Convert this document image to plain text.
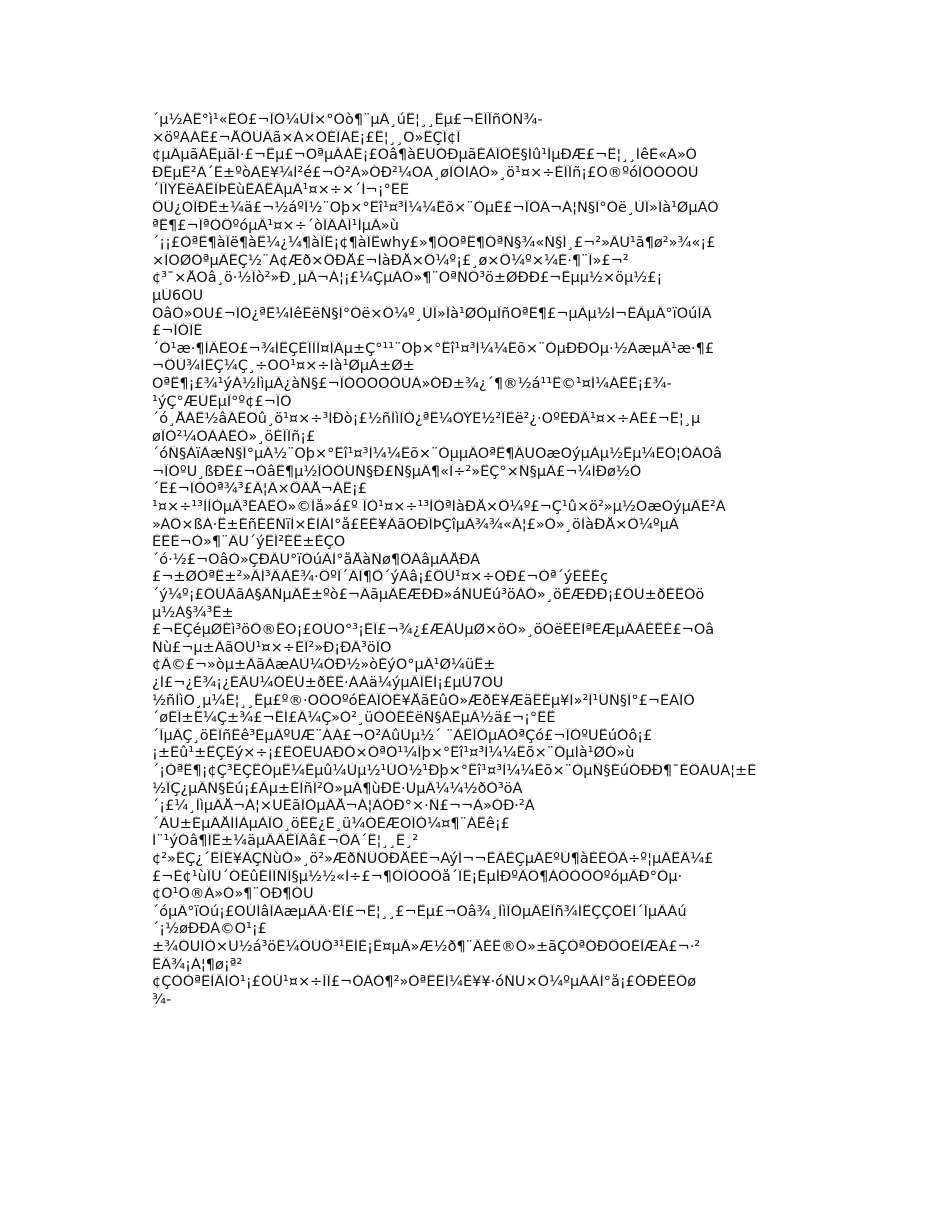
´µ½ÁË°ì¹«ÊÒ£¬ÎÒ¼ÙÌ×°Òò¶¨µÄ¸úÊ¦¸¸Ëµ£¬ÈÎÏñÒÑ¾-
×öºÃÁË£¬ÅÔÚÄã×À×ÓÉÏÁË¡£Ê¦¸¸Õ»ÊÇÎ¢Î
¢µÄµãÁËµãÍ·£¬Ëµ£¬ÕªµÄÁË¡£Õâ¶àÉÙÒÐµãÈÃÎÒÊ§Íû¹ÍµÐÆ£¬Ê¦¸¸ÍêÈ«Ã»Ó
ÐËµÊ²Ã´Ê±ºòÃÈ¥¼Ì²é£¬Ò²Ã»ÓÐ²¼ÖÃ¸øÎÒÌÀÒ»¸ö¹¤×÷ÈÎÎñ¡£Ö®ºóÎÒÓÖÒÙ
´ÏÏÝÈëÁËÎÞÈùÊÂÊÂµÄ¹¤×÷×´Ì¬¡°ËÊ
ÔÚ¿ÕÏÐÊ±¼ä£¬½áºÏ½¨Öþ×°Êî¹¤³Ì¼¼Êõ×¨ÒµÉ£¬ÎÒÂ¬Á¦Ñ§Ï°Óë¸ÚÎ»Ïà¹ØµÄÒ
ªÊ¶£¬ÎªÒÔºóµÄ¹¤×÷´òÏÂÁÏ¹ÌµÄ»ù
´¡¡£ÒªÊ¶àÏë¶àË¼¿¼¶àÎÊ¡¢¶àÎÊwhy£»¶ÔÖªÊ¶ÒªÑ§¾«Ñ§Í¸£¬²»ÄÜ¹ã¶ø²»¾«¡£
×ÎÖØÒªµÄÊÇ½¨Á¢Æð×ÔÐÅ£¬ÌàÐÅ×Ô¼º¡£¸ø×Ô¼º×¼È·¶¨Î»£¬²
¢³¯×ÅÕâ¸ö·½Ïò²»Ð¸µÄ¬Á¦¡£¼ÇµÃÒ»¶¨ÒªÑÔ³ö±ØÐÐ£¬Ëµµ½×öµ½£¡
µÚ6ÖÜ
ÕâÒ»ÖÜ£¬ÎÒ¿ªÊ¼ÍêÈëÑ§Ï°Óë×Ô¼º¸ÚÎ»Ïà¹ØÒµÎñÖªÊ¶£¬µÃµ½Í¬ÊÂµÄ°ïÖúÎÂ
£¬ÎÒÏÈ
´Ó¹æ·¶ÌÂÊÖ£¬¾ÍÊÇÈÏÌÎ¤ÎÂµ±Ç°¹¹¨Öþ×°Êî¹¤³Ì¼¼Êõ×¨ÒµÐÐÒµ·½ÃæµÄ¹æ·¶£
¬ÔÙ¾ÍÊÇ¼Ç¸÷ÖÖ¹¤×÷Ìà¹ØµÄ±Ø±
ÖªÊ¶¡£¾¹ýÁ½ÌìµÄ¿àÑ§£¬ÎÒÕÕÖÓÚÃ»ÓÐ±¾¿´¶®½á¹¹Ê©¹¤Í¼ÁËÊ¡£¾-
¹ýÇ°ÆÚÊµÏ°º¢£¬ÎÒ
´ó¸ÅÁË½âÁËÕû¸ö¹¤×÷³ÌÐò¡£½ñÌìÎÒ¿ªÊ¼ÓÝÊ½²ÎÊë²¿·ÖºÈÐÄ¹¤×÷ÁË£¬Ê¦¸µ
øÎÒ²¼ÖÃÁËÒ»¸öÈÎÎñ¡£
´óÑ§ÀïÃæÑ§Ï°µÄ½¨Öþ×°Êî¹¤³Ì¼¼Êõ×¨ÒµµÄÖªÊ¶ÄÜÕæÕýµÃµ½Êµ¼ÊÓ¦ÓÃÕâ
¬ÎÒºÜ¸ßÐË£¬ÒâÊ¶µ½ÎÒÔÚÑ§Ð£Ñ§µÄ¶«Î÷²»ÊÇ°×Ñ§µÄ£¬¼ÌÐø½Ó
´Ë£¬ÎÒÒª¾³£Ä¦Ä×ÔÂÅ¬ÁË¡£
¹¤×÷¹³ÌÌÒµÄ³ÉÁËÒ»©Ìå»á£º ÎÒ¹¤×÷¹³ÌÒªÌàÐÅ×Ô¼º£¬Ç¹û×ö²»µ½ÕæÕýµÄÊ²Ã
»ÁÔ×ßÁ·Ê±ÉñÉÈÑïÌ×ÈÌÄÍ°å£ÉÈ¥ÄãÖÐÏÞÇîµÃ¾¾«Ä¦£»Ò»¸öÌàÐÅ×Ô¼ºµÄ
ÈËÈ¬Ò»¶¨ÄÜ´ýËÍ²ÉÊ±ÈÇÕ
´ó·½£¬ÕâÒ»ÇÐÂÜ°ïÓúÂÌ°åÅàÑø¶ÔÃâµÄÅÐÃ
£¬±ØÒªÊ±²»ÄÍ³ÄÃÈ¾·ÔºÎ´ÂÎ¶Ô´ýÃâ¡£ÔÚ¹¤×÷ÖÐ£¬Òª´ýÈËÈç
´ý¼º¡£ÔÚÄãÀ§ÄÑµÄÊ±ºò£¬ÄãµÄÉÆÐÐ»áÑÜÉú³öÀÓ»¸öÉÆÐÐ¡£ÔÚ±ðÈËÓö
µ½À§¾³Ê±
£¬ÈÇéµØÉì³öÔ®ÊÖ¡£ÕÚÖ°³¡ÉÏ£¬¾¿£ÆÄÜµØ×öÒ»¸öÓëËÈÎªÉÆµÄÃÈËÈ£¬Õâ
Ñù£¬µ±ÄãÕÚ¹¤×÷ÉÏ²»Ð¡ÐÄ³öÏÖ
¢Â©£¬»òµ±ÄãÃæÁÙ¼ÓÐ½»òÉýÖ°µÄ¹Ø¼üÊ±
¿Ì£¬¿É¾¡¿ÉÄÜ¼ÓÉÙ±ðÈË·ÀÀä¼ýµÄÎÊÌ¡£µÚ7ÖÜ
½ñÌìÕ¸µ¼Ê¦¸¸Ëµ£º®·ÖÔÖºóÈÃÎÒÈ¥ÅãÈûÒ»ÆðÈ¥ÆäËÉµ¥Î»²Î¹ÛÑ§Ï°£¬ÈÃÎÒ
´øÉÏ±Ê¼Ç±¾£¬ËÍ£Ä¼Ç»Ò²¸üÒÓËÈëÑ§ÁËµÄ½ä£¬¡°ËÊ
´ÎµÄÇ¸öÈÎñÊê³ÉµÄºÜÆ¨ÁÁ£¬Õ²ÃûÚµ½´ ¨ÃÊÎÔµÄÒªÇó£¬ÎÒºÜÊúÓô¡£
¡±Ëû¹±ÊÇÊý×÷¡£ÊÖÊÜÀÐÒ×ÒªÓ¹¼Ïþ×°Êî¹¤³Ì¼¼Êõ×¨ÒµÌà¹ØÒ»ù
´¡ÒªÊ¶¡¢Ç³ÊÇÊÓµÊ¼Êµû¼Ùµ½¹ÚÒ½¹Ðþ×°Êî¹¤³Ì¼¼Êõ×¨ÒµÑ§ÉúÓÐÐ¶¯ÈÔÃÜÁ¦±È
½ÏÇ¿µÄÑ§Éú¡£Äµ±ÈÎñÎ²Ò»µÃ¶ùÐË·ÜµÄ¼¼½ðÒ³öÀ
´¡£¼¸ÌìµÄÅ¬Á¦×ÜËãÎÒµÄÅ¬Á¦ÃÓÐ°×·Ñ£¬¬Ã»ÓÐ·²Ã
´ÄÜ±ÈµÃÅÍÌÃµÃÏÖ¸öËÉ¿É¸ü¼ÓÈÆÖÎÒ¼¤¶¨ÁËê¡£
Í¨¹ýÓâ¶ÎÊ±¼äµÄÄÈÏÂâ£¬ÔÄ´Ê¦¸¸Ê¸²
¢²»ÊÇ¿´ÉÏÈ¥ÄÇÑùÒ»¸ö²»ÆðÑÛÖÐÅÈÈ¬ÀýÍ¬¬ÊÂÊÇµÄÉºÙ¶àÈËÔÂ÷º¦µÄÊÂ¼£
£¬È¢¹ùÎÚ´ÓÉûÉÍÎÑÎ§µ½½«Ì÷£¬¶ÔÎÒÖÔå´ÎÊ¡ËµÌÐºÄÔ¶ÀÔÒÔÒºóµÄÐ°Òµ·
¢Ö¹Ö®Ã»Ò»¶¨ÖÐ¶ÓÜ
´óµÄ°ïÖú¡£ÕÚÍâÎÃæµÄÄ·ÊÎ£¬Ê¦¸¸£¬Ëµ£¬Õâ¾¸ÌìÎÒµÄÈÏñ¾ÍÊÇÇÓÉÍ´ÎµÄÀú
´¡½øÐÐÀ©Õ¹¡£
±¾ÓÜÎÒ×Ü½á³öË¼ÔÚÔ³¹ÊÍÈ¡Ê¤µÄ»Æ½ð¶¨ÂÉÊ®Ò»±ãÇÒªÓÐÔÕÈÏÆÄ£¬·²
ÊÂ¾¡Á¦¶ø¡ª²
¢ÇÒÒªÊÌÄÌÒ¹¡£ÒÚ¹¤×÷ÏÎ£¬ÓÂÒ¶²»ÒªÊÊÍ¼È¥¥·óÑÜ×Ô¼ºµÄÄÌ°å¡£ÓÐÈËÔø
¾-
